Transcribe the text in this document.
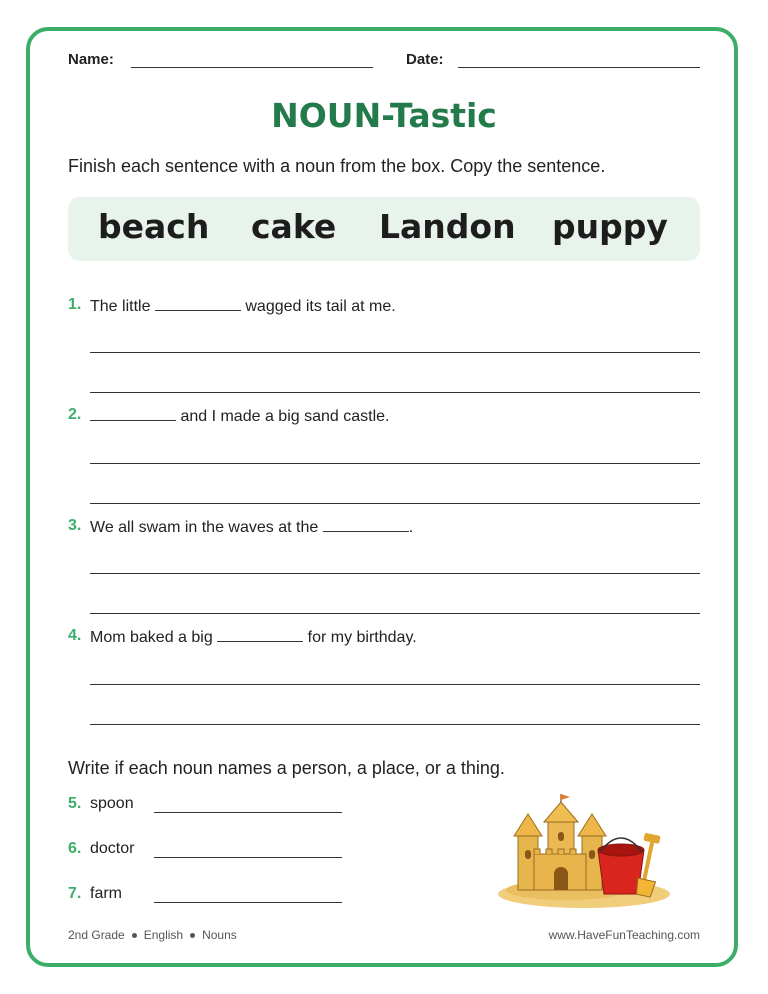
Name:	Date:
NOUN-Tastic
Finish each sentence with a noun from the box. Copy the sentence.
beach cake Landon puppy
1. The little	wagged its tail at me.
2.	and I made a big sand castle.
3. We all swam in the waves at the	.
4. Mom baked a big	for my birthday.
Write if each noun names a person, a place, or a thing.
5. spoon
6. doctor
7. farm
2nd Grade English Nouns	www.HaveFunTeaching.com
